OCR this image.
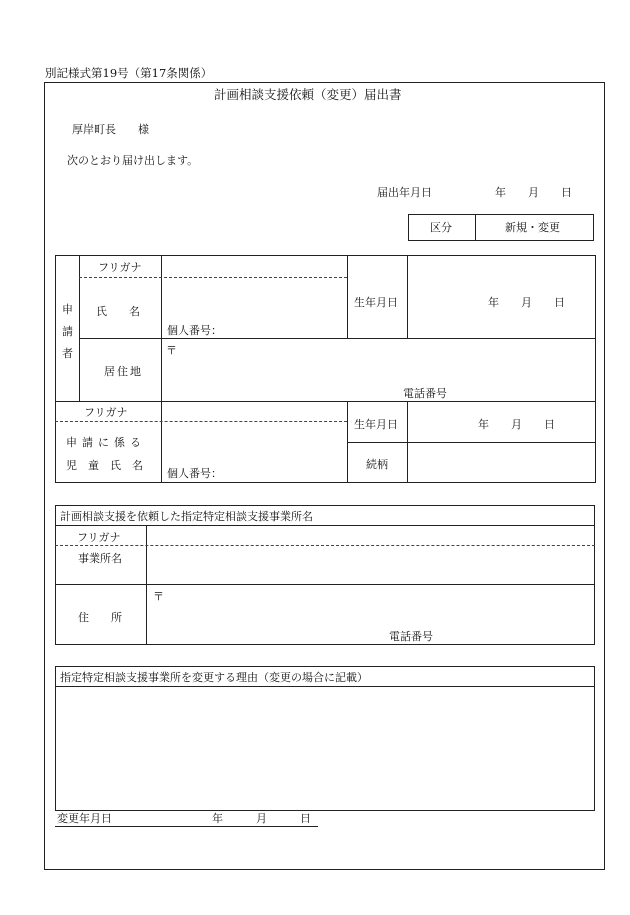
別記様式第19号（第17条関係）
計画相談支援依頼（変更）届出書
厚岸町長　　様
次のとおり届け出します。
届出年月日	年　　月　　日
区分	新規・変更
申
請
者
フリガナ
氏　　名
個人番号：
生年月日	年　　月　　日
居住地
〒
電話番号
フリガナ
申請に係る
児童氏名
個人番号：
生年月日	年　　月　　日
続柄
計画相談支援を依頼した指定特定相談支援事業所名
フリガナ
事業所名
住　　所
〒
電話番号
指定特定相談支援事業所を変更する理由（変更の場合に記載）
変更年月日	年　　　月　　　日
